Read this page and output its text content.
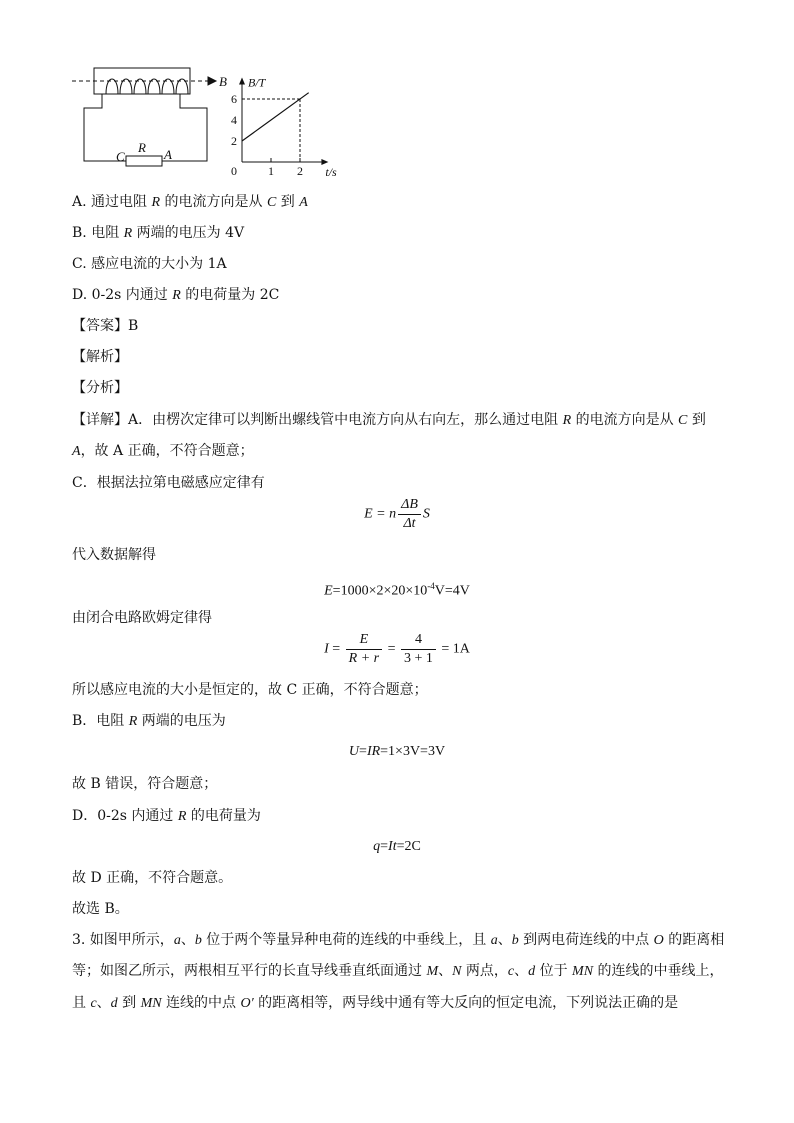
B
R
C	A
B/T
t/s
0
2
4
6
1 2
A. 通过电阻 R 的电流方向是从 C 到 A
B. 电阻 R 两端的电压为 4V
C. 感应电流的大小为 1A
D. 0-2s 内通过 R 的电荷量为 2C
【答案】B
【解析】
【分析】
【详解】A．由楞次定律可以判断出螺线管中电流方向从右向左，那么通过电阻 R 的电流方向是从 C 到
A，故 A 正确，不符合题意；
C．根据法拉第电磁感应定律有
E = n $\frac{\Delta B}{\Delta t}$ S
代入数据解得
$E=1000\times 2\times 20\times 10^{-4}V=4V$
由闭合电路欧姆定律得
$I = \frac{E}{R + r} = \frac{4}{3 + 1} = 1A$
所以感应电流的大小是恒定的，故 C 正确，不符合题意；
B．电阻 R 两端的电压为
U=IR=1×3V=3V
故 B 错误，符合题意；
D．0-2s 内通过 R 的电荷量为
q=It=2C
故 D 正确，不符合题意。
故选 B。
3. 如图甲所示，a、b 位于两个等量异种电荷的连线的中垂线上，且 a、b 到两电荷连线的中点 O 的距离相
等；如图乙所示，两根相互平行的长直导线垂直纸面通过 M、N 两点，c、d 位于 MN 的连线的中垂线上，
且 c、d 到 MN 连线的中点 O′ 的距离相等，两导线中通有等大反向的恒定电流，下列说法正确的是
